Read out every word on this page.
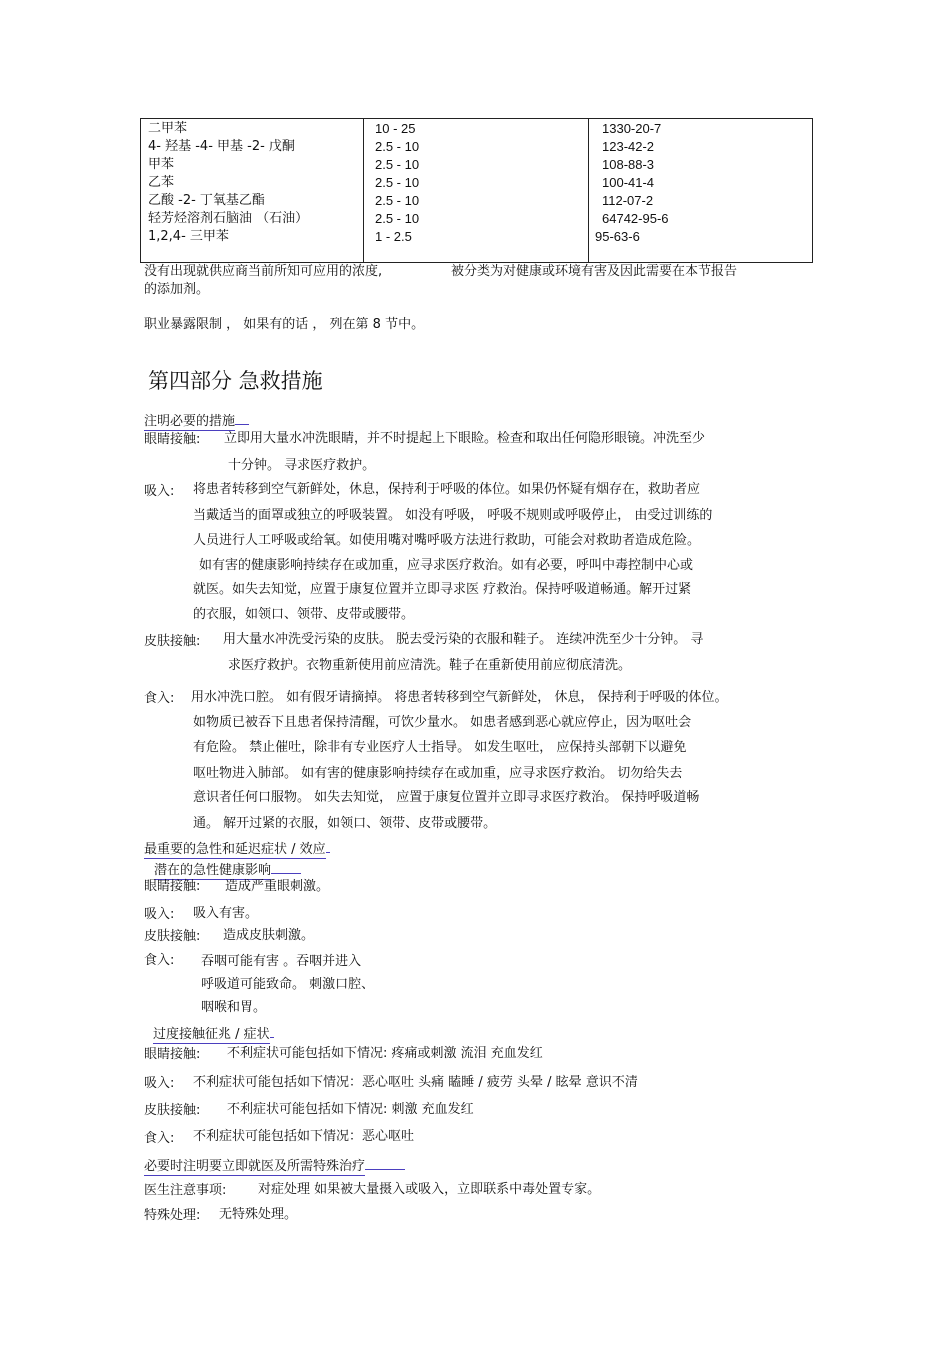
二甲苯
4- 羟基 -4- 甲基 -2- 戊酮
甲苯
乙苯
乙酸 -2- 丁氧基乙酯
轻芳烃溶剂石脑油 （石油）
1,2,4- 三甲苯
10 - 25
2.5 - 10
2.5 - 10
2.5 - 10
2.5 - 10
2.5 - 10
1 - 2.5
1330-20-7
123-42-2
108-88-3
100-41-4
112-07-2
64742-95-6
95-63-6
没有出现就供应商当前所知可应用的浓度,	被分类为对健康或环境有害及因此需要在本节报告
的添加剂。
职业暴露限制 ， 如果有的话 ， 列在第 8 节中。
第四部分 急救措施
注明必要的措施
眼睛接触: 立即用大量水冲洗眼睛，并不时提起上下眼睑。检查和取出任何隐形眼镜。冲洗至少
十分钟。 寻求医疗救护。
吸入: 将患者转移到空气新鲜处，休息，保持利于呼吸的体位。如果仍怀疑有烟存在，救助者应
当戴适当的面罩或独立的呼吸装置。 如没有呼吸， 呼吸不规则或呼吸停止， 由受过训练的
人员进行人工呼吸或给氧。如使用嘴对嘴呼吸方法进行救助，可能会对救助者造成危险。
如有害的健康影响持续存在或加重，应寻求医疗救治。如有必要，呼叫中毒控制中心或
就医。如失去知觉，应置于康复位置并立即寻求医 疗救治。保持呼吸道畅通。解开过紧
的衣服，如领口、领带、皮带或腰带。
皮肤接触: 用大量水冲洗受污染的皮肤。 脱去受污染的衣服和鞋子。 连续冲洗至少十分钟。 寻
求医疗救护。衣物重新使用前应清洗。鞋子在重新使用前应彻底清洗。
食入: 用水冲洗口腔。 如有假牙请摘掉。 将患者转移到空气新鲜处， 休息， 保持利于呼吸的体位。
如物质已被吞下且患者保持清醒，可饮少量水。 如患者感到恶心就应停止，因为呕吐会
有危险。 禁止催吐，除非有专业医疗人士指导。 如发生呕吐， 应保持头部朝下以避免
呕吐物进入肺部。 如有害的健康影响持续存在或加重，应寻求医疗救治。 切勿给失去
意识者任何口服物。 如失去知觉， 应置于康复位置并立即寻求医疗救治。 保持呼吸道畅
通。 解开过紧的衣服，如领口、领带、皮带或腰带。
最重要的急性和延迟症状 / 效应
潜在的急性健康影响
眼睛接触: 造成严重眼刺激。
吸入: 吸入有害。
皮肤接触: 造成皮肤刺激。
食入: 吞咽可能有害 。吞咽并进入
呼吸道可能致命。 刺激口腔、
咽喉和胃。
过度接触征兆 / 症状
眼睛接触: 不利症状可能包括如下情况: 疼痛或刺激 流泪 充血发红
吸入: 不利症状可能包括如下情况：恶心呕吐 头痛 瞌睡 / 疲劳 头晕 / 眩晕 意识不清
皮肤接触: 不利症状可能包括如下情况: 刺激 充血发红
食入: 不利症状可能包括如下情况：恶心呕吐
必要时注明要立即就医及所需特殊治疗
医生注意事项: 对症处理 如果被大量摄入或吸入，立即联系中毒处置专家。
特殊处理: 无特殊处理。
